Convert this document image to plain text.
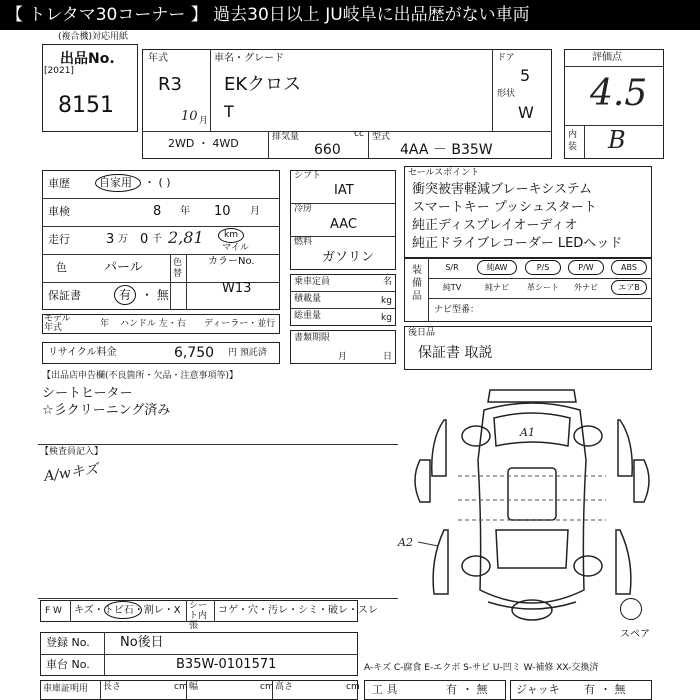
【 トレタマ30コーナー 】 過去30日以上 JU岐阜に出品歴がない車両
(複合機)対応用紙
出品No.
[2021]
8151
年式
R3
10 月
車名・グレード
EKクロス
T
ドア
5
形状
W
2WD ・ 4WD	排気量	cc
660
型式
4AA － B35W
評価点
4.5
内装 B
車歴	自家用 ・ ( )
車検	8 年 10 月
走行	3 万 0 千 2,81 km
マイル
色	パール	色替
カラーNo.
W13
保証書	有 ・ 無
モデル年式	年 ハンドル 左・右 ディーラー・並行
リサイクル料金	6,750 円 預託済
シフト
IAT
冷房
AAC
燃料
ガソリン
乗車定員	名
積載量	kg
総重量	kg
書類期限
月	日
セールスポイント
衝突被害軽減ブレーキシステム
スマートキー プッシュスタート
純正ディスプレイオーディオ
純正ドライブレコーダー LEDヘッド
装備品
S/R	純AW	P/S	P/W	ABS
純TV	純ナビ	革シート	外ナビ	エアB
ナビ型番：
後日品
保証書 取説
【出品店申告欄(不良箇所・欠品・注意事項等)】
シートヒーター
☆彡クリーニング済み
【検査員記入】
A/wキズ
A1
A2
スペア
F W キズ・トビ石・割レ・X シート内張
コゲ・穴・汚レ・シミ・破レ・スレ
登録 No. No後日
車台 No.	B35W-0101571	A-キズ C-腐食 E-エクボ S-サビ U-凹ミ W-補修 XX-交換済
車庫証明用 長さ	cm 幅	cm 高さ	cm 工 具	有 ・ 無	ジャッキ 有 ・ 無
